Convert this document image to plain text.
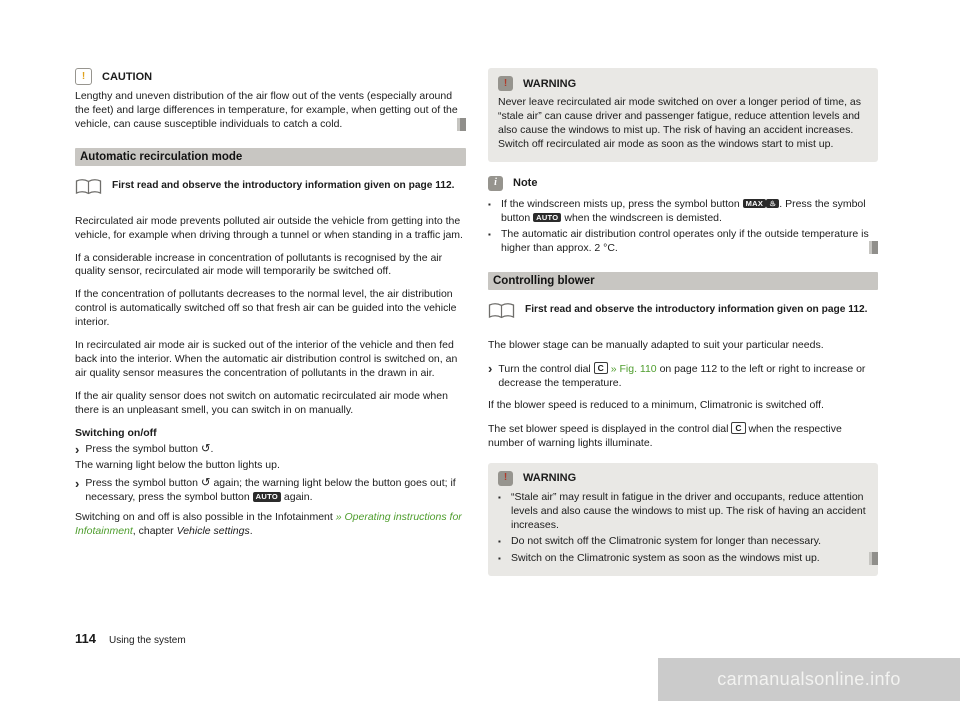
!	CAUTION

Lengthy and uneven distribution of the air flow out of the vents (especially around the feet) and large differences in temperature, for example, when getting out of the vehicle, can cause susceptible individuals to catch a cold.

Automatic recirculation mode
First read and observe the introductory information given on page 112.

Recirculated air mode prevents polluted air outside the vehicle from getting into the vehicle, for example when driving through a tunnel or when standing in a traffic jam.

If a considerable increase in concentration of pollutants is recognised by the air quality sensor, recirculated air mode will temporarily be switched off.

If the concentration of pollutants decreases to the normal level, the air distribution control is automatically switched off so that fresh air can be guided into the vehicle interior.

In recirculated air mode air is sucked out of the interior of the vehicle and then fed back into the interior. When the automatic air distribution control is switched on, an air quality sensor measures the concentration of pollutants in the drawn in air.

If the air quality sensor does not switch on automatic recirculated air mode when there is an unpleasant smell, you can switch in on manually.

Switching on/off

› Press the symbol button ↺.

The warning light below the button lights up.

› Press the symbol button ↺ again; the warning light below the button goes out; if necessary, press the symbol button AUTO again.

Switching on and off is also possible in the Infotainment » Operating instructions for Infotainment, chapter Vehicle settings.

!	WARNING

Never leave recirculated air mode switched on over a longer period of time, as “stale air” can cause driver and passenger fatigue, reduce attention levels and also cause the windows to mist up. The risk of having an accident increases. Switch off recirculated air mode as soon as the windows start to mist up.

i	Note
▪ If the windscreen mists up, press the symbol button MAX ♨ . Press the symbol button AUTO when the windscreen is demisted.
▪ The automatic air distribution control operates only if the outside temperature is higher than approx. 2 °C.
Controlling blower
First read and observe the introductory information given on page 112.

The blower stage can be manually adapted to suit your particular needs.

› Turn the control dial C » Fig. 110 on page 112 to the left or right to increase or decrease the temperature.

If the blower speed is reduced to a minimum, Climatronic is switched off.

The set blower speed is displayed in the control dial C when the respective number of warning lights illuminate.

!	WARNING
▪ “Stale air” may result in fatigue in the driver and occupants, reduce attention levels and also cause the windows to mist up. The risk of having an accident increases.
▪ Do not switch off the Climatronic system for longer than necessary.
▪ Switch on the Climatronic system as soon as the windows mist up.
114 Using the system
carmanualsonline.info
